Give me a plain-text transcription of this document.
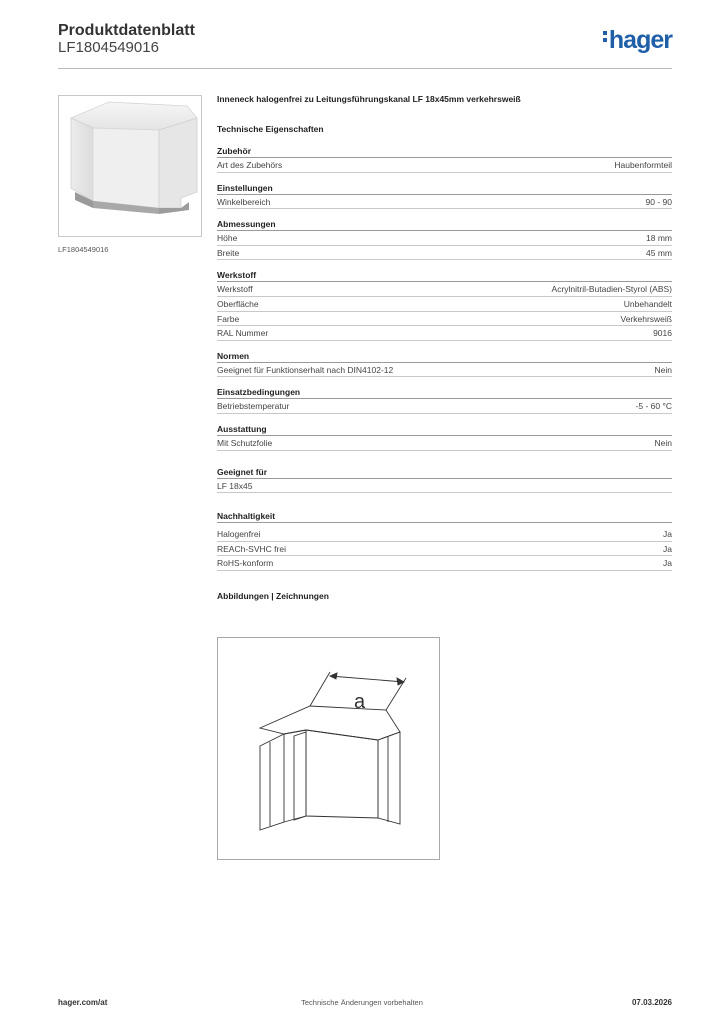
Produktdatenblatt
LF1804549016	hager
LF1804549016
Inneneck halogenfrei zu Leitungsführungskanal LF 18x45mm verkehrsweiß
Technische Eigenschaften
Zubehör
Art des Zubehörs	Haubenformteil
Einstellungen
Winkelbereich	90 - 90
Abmessungen
Höhe	18 mm
Breite	45 mm
Werkstoff
Werkstoff	Acrylnitril-Butadien-Styrol (ABS)
Oberfläche	Unbehandelt
Farbe	Verkehrsweiß
RAL Nummer	9016
Normen
Geeignet für Funktionserhalt nach DIN4102-12	Nein
Einsatzbedingungen
Betriebstemperatur	-5 - 60 °C
Ausstattung
Mit Schutzfolie	Nein
Geeignet für
LF 18x45
Nachhaltigkeit
Halogenfrei	Ja
REACh-SVHC frei	Ja
RoHS-konform	Ja
Abbildungen | Zeichnungen
a
hager.com/at	Technische Änderungen vorbehalten	07.03.2026
